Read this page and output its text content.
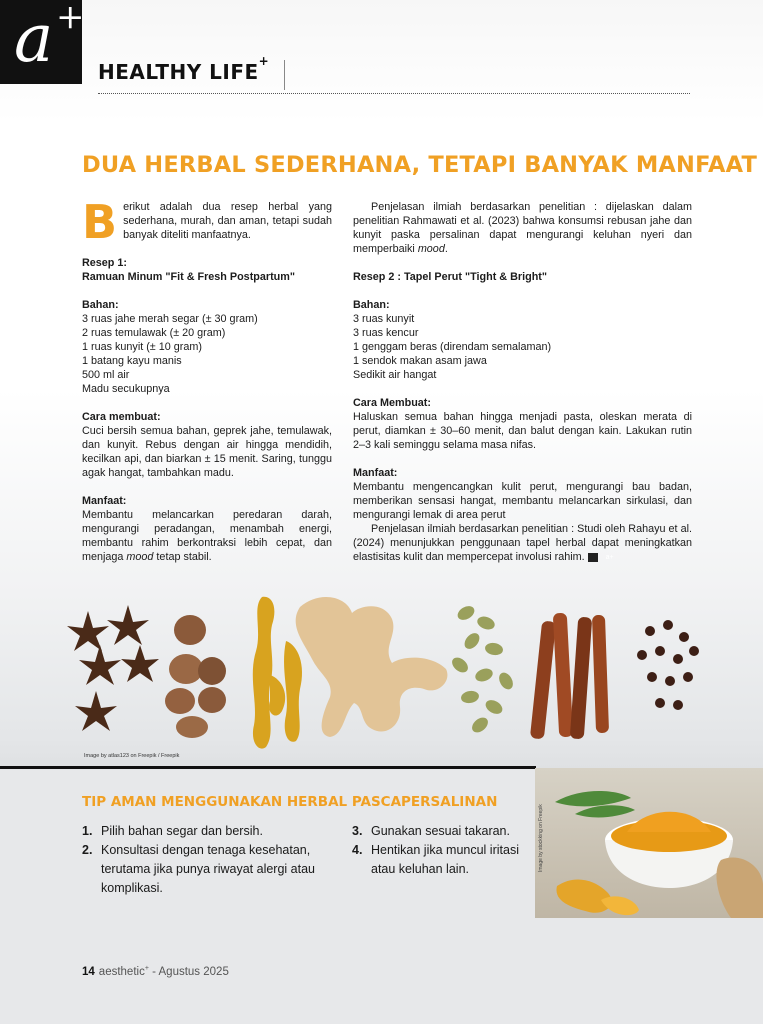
a +
HEALTHY LIFE+
DUA HERBAL SEDERHANA, TETAPI BANYAK MANFAAT

Berikut adalah dua resep herbal yang sederhana, murah, dan aman, tetapi sudah banyak diteliti manfaatnya.

Resep 1:

Ramuan Minum "Fit & Fresh Postpartum"

Bahan:

3 ruas jahe merah segar (± 30 gram)

2 ruas temulawak (± 20 gram)

1 ruas kunyit (± 10 gram)

1 batang kayu manis

500 ml air

Madu secukupnya

Cara membuat:

Cuci bersih semua bahan, geprek jahe, temulawak, dan kunyit. Rebus dengan air hingga mendidih, kecilkan api, dan biarkan ± 15 menit. Saring, tunggu agak hangat, tambahkan madu.

Manfaat:

Membantu melancarkan peredaran darah, mengurangi peradangan, menambah energi, membantu rahim berkontraksi lebih cepat, dan menjaga mood tetap stabil.

Penjelasan ilmiah berdasarkan penelitian : dijelaskan dalam penelitian Rahmawati et al. (2023) bahwa konsumsi rebusan jahe dan kunyit paska persalinan dapat mengurangi keluhan nyeri dan memperbaiki mood.

Resep 2 : Tapel Perut "Tight & Bright"

Bahan:

3 ruas kunyit

3 ruas kencur

1 genggam beras (direndam semalaman)

1 sendok makan asam jawa

Sedikit air hangat

Cara Membuat:

Haluskan semua bahan hingga menjadi pasta, oleskan merata di perut, diamkan ± 30–60 menit, dan balut dengan kain. Lakukan rutin 2–3 kali seminggu selama masa nifas.

Manfaat:

Membantu mengencangkan kulit perut, mengurangi bau badan, memberikan sensasi hangat, membantu melancarkan sirkulasi, dan mengurangi lemak di area perut

Penjelasan ilmiah berdasarkan penelitian : Studi oleh Rahayu et al. (2024) menunjukkan penggunaan tapel herbal dapat meningkatkan elastisitas kulit dan mempercepat involusi rahim.	a+

Image by atlas123 on Freepik / Freepik
TIP AMAN MENGGUNAKAN HERBAL PASCAPERSALINAN
1. Pilih bahan segar dan bersih.
2. Konsultasi dengan tenaga kesehatan, terutama jika punya riwayat alergi atau komplikasi.
3. Gunakan sesuai takaran.
4. Hentikan jika muncul iritasi atau keluhan lain.	Image by stockking on Freepik
14 aesthetic+ - Agustus 2025
